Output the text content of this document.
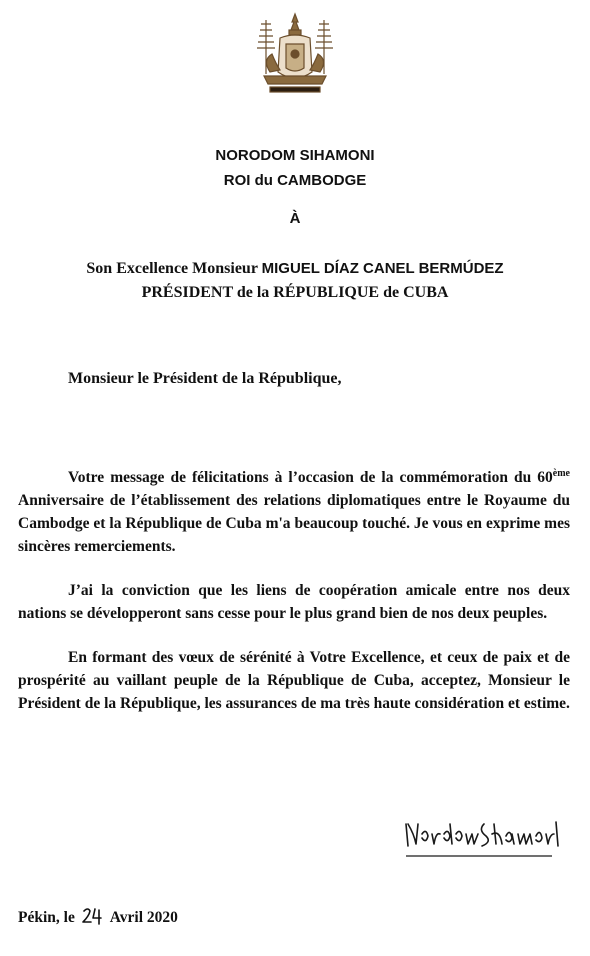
NORODOM SIHAMONI
ROI du CAMBODGE
À
Son Excellence Monsieur MIGUEL DÍAZ CANEL BERMÚDEZ
PRÉSIDENT de la RÉPUBLIQUE de CUBA
Monsieur le Président de la République,

Votre message de félicitations à l’occasion de la commémoration du 60ème Anniversaire de l’établissement des relations diplomatiques entre le Royaume du Cambodge et la République de Cuba m'a beaucoup touché. Je vous en exprime mes sincères remerciements.

J’ai la conviction que les liens de coopération amicale entre nos deux nations se développeront sans cesse pour le plus grand bien de nos deux peuples.

En formant des vœux de sérénité à Votre Excellence, et ceux de paix et de prospérité au vaillant peuple de la République de Cuba, acceptez, Monsieur le Président de la République, les assurances de ma très haute considération et estime.

Pékin, le  Avril 2020
